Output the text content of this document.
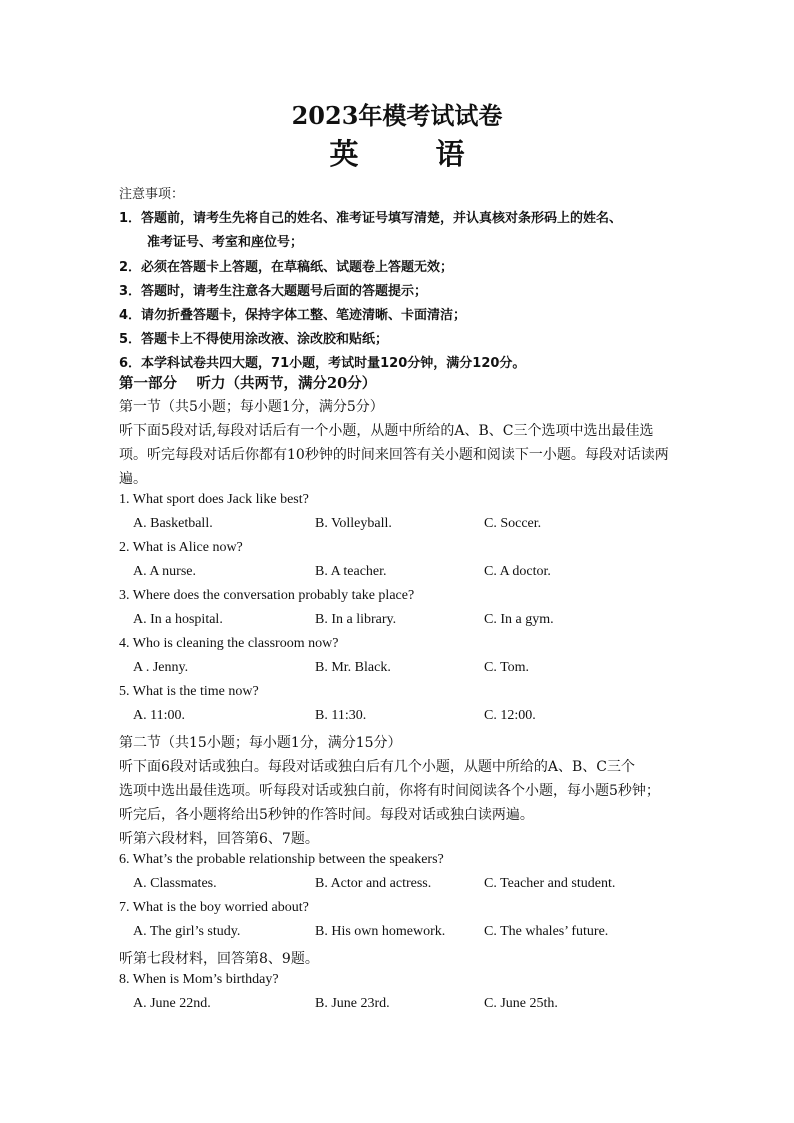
2023年模考试试卷
英　语
注意事项：
1．答题前，请考生先将自己的姓名、准考证号填写清楚，并认真核对条形码上的姓名、
准考证号、考室和座位号；
2．必须在答题卡上答题，在草稿纸、试题卷上答题无效；
3．答题时，请考生注意各大题题号后面的答题提示；
4．请勿折叠答题卡，保持字体工整、笔迹清晰、卡面清洁；
5．答题卡上不得使用涂改液、涂改胶和贴纸；
6．本学科试卷共四大题，71小题，考试时量120分钟，满分120分。
第一部分　 听力（共两节，满分20分）
第一节（共5小题；每小题1分，满分5分）
听下面5段对话,每段对话后有一个小题，从题中所给的A、B、C三个选项中选出最佳选
项。听完每段对话后你都有10秒钟的时间来回答有关小题和阅读下一小题。每段对话读两
遍。
1. What sport does Jack like best?
A. Basketball.	B. Volleyball.	C. Soccer.
2. What is Alice now?
A. A nurse.	B. A teacher.	C. A doctor.
3. Where does the conversation probably take place?
A. In a hospital.	B. In a library.	C. In a gym.
4. Who is cleaning the classroom now?
A . Jenny.	B. Mr. Black.	C. Tom.
5. What is the time now?
A. 11:00.	B. 11:30.	C. 12:00.
第二节（共15小题；每小题1分，满分15分）
听下面6段对话或独白。每段对话或独白后有几个小题，从题中所给的A、B、C三个
选项中选出最佳选项。听每段对话或独白前，你将有时间阅读各个小题，每小题5秒钟；
听完后，各小题将给出5秒钟的作答时间。每段对话或独白读两遍。
听第六段材料，回答第6、7题。
6. What’s the probable relationship between the speakers?
A. Classmates.	B. Actor and actress.	C. Teacher and student.
7. What is the boy worried about?
A. The girl’s study.	B. His own homework.	C. The whales’ future.
听第七段材料，回答第8、9题。
8. When is Mom’s birthday?
A. June 22nd.	B. June 23rd.	C. June 25th.
